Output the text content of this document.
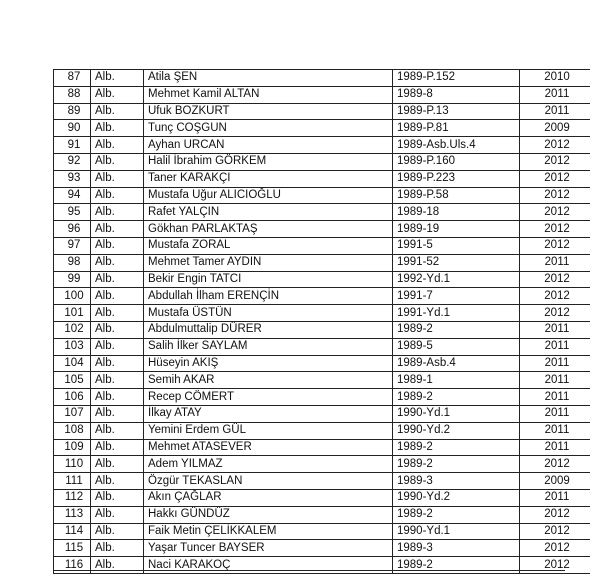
87	Alb.	Atila ŞEN	1989-P.152	2010
88	Alb.	Mehmet Kamil ALTAN	1989-8	2011
89	Alb.	Ufuk BOZKURT	1989-P.13	2011
90	Alb.	Tunç COŞGUN	1989-P.81	2009
91	Alb.	Ayhan URCAN	1989-Asb.Uls.4	2012
92	Alb.	Halil İbrahim GÖRKEM	1989-P.160	2012
93	Alb.	Taner KARAKÇI	1989-P.223	2012
94	Alb.	Mustafa Uğur ALICIOĞLU	1989-P.58	2012
95	Alb.	Rafet YALÇIN	1989-18	2012
96	Alb.	Gökhan PARLAKTAŞ	1989-19	2012
97	Alb.	Mustafa ZORAL	1991-5	2012
98	Alb.	Mehmet Tamer AYDIN	1991-52	2011
99	Alb.	Bekir Engin TATCI	1992-Yd.1	2012
100	Alb.	Abdullah İlham ERENÇİN	1991-7	2012
101	Alb.	Mustafa ÜSTÜN	1991-Yd.1	2012
102	Alb.	Abdulmuttalip DÜRER	1989-2	2011
103	Alb.	Salih İlker SAYLAM	1989-5	2011
104	Alb.	Hüseyin AKIŞ	1989-Asb.4	2011
105	Alb.	Semih AKAR	1989-1	2011
106	Alb.	Recep CÖMERT	1989-2	2011
107	Alb.	İlkay ATAY	1990-Yd.1	2011
108	Alb.	Yemini Erdem GÜL	1990-Yd.2	2011
109	Alb.	Mehmet ATASEVER	1989-2	2011
110	Alb.	Adem YILMAZ	1989-2	2012
111	Alb.	Özgür TEKASLAN	1989-3	2009
112	Alb.	Akın ÇAĞLAR	1990-Yd.2	2011
113	Alb.	Hakkı GÜNDÜZ	1989-2	2012
114	Alb.	Faik Metin ÇELİKKALEM	1990-Yd.1	2012
115	Alb.	Yaşar Tuncer BAYSER	1989-3	2012
116	Alb.	Naci KARAKOÇ	1989-2	2012
